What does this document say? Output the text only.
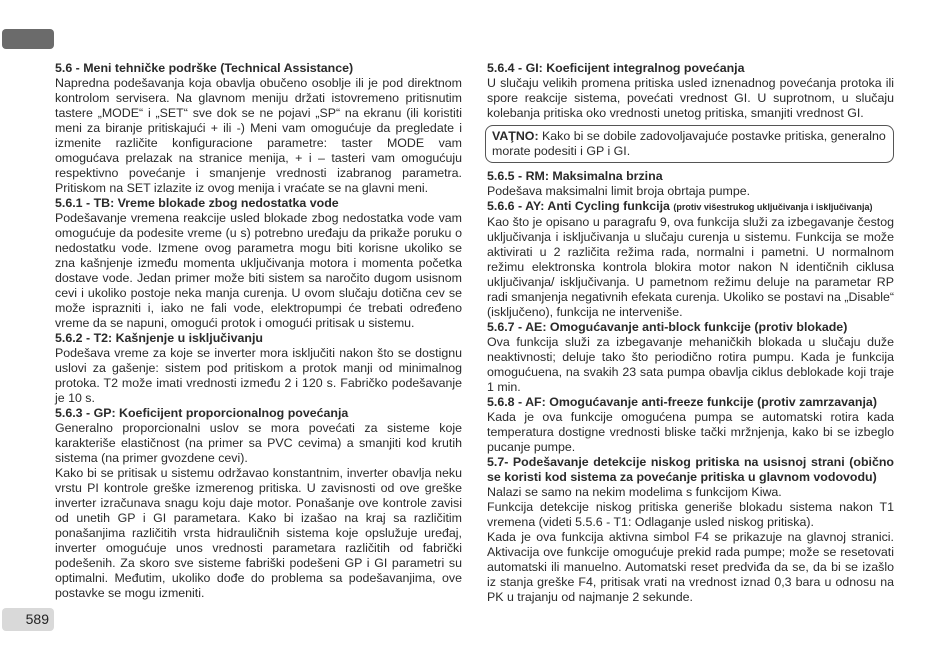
5.6 - Meni tehničke podrške (Technical Assistance)

Napredna podešavanja koja obavlja obučeno osoblje ili je pod direktnom kontrolom servisera. Na glavnom meniju držati istovremeno pritisnutim tastere „MODE“ i „SET“ sve dok se ne pojavi „SP“ na ekranu (ili koristiti meni za biranje pritiskajući + ili -) Meni vam omogućuje da pregledate i izmenite različite konfiguracione parametre: taster MODE vam omogućava prelazak na stranice menija, + i – tasteri vam omogućuju respektivno povećanje i smanjenje vrednosti izabranog parametra. Pritiskom na SET izlazite iz ovog menija i vraćate se na glavni meni.

5.6.1 - TB: Vreme blokade zbog nedostatka vode

Podešavanje vremena reakcije usled blokade zbog nedostatka vode vam omogućuje da podesite vreme (u s) potrebno uređaju da prikaže poruku o nedostatku vode. Izmene ovog parametra mogu biti korisne ukoliko se zna kašnjenje između momenta uključivanja motora i momenta početka dostave vode. Jedan primer može biti sistem sa naročito dugom usisnom cevi i ukoliko postoje neka manja curenja. U ovom slučaju dotična cev se može isprazniti i, iako ne fali vode, elektropumpi će trebati određeno vreme da se napuni, omogući protok i omogući pritisak u sistemu.

5.6.2 - T2: Kašnjenje u isključivanju

Podešava vreme za koje se inverter mora isključiti nakon što se dostignu uslovi za gašenje: sistem pod pritiskom a protok manji od minimalnog protoka. T2 može imati vrednosti između 2 i 120 s. Fabričko podešavanje je 10 s.

5.6.3 - GP: Koeficijent proporcionalnog povećanja

Generalno proporcionalni uslov se mora povećati za sisteme koje karakteriše elastičnost (na primer sa PVC cevima) a smanjiti kod krutih sistema (na primer gvozdene cevi).

Kako bi se pritisak u sistemu održavao konstantnim, inverter obavlja neku vrstu PI kontrole greške izmerenog pritiska. U zavisnosti od ove greške inverter izračunava snagu koju daje motor. Ponašanje ove kontrole zavisi od unetih GP i GI parametara. Kako bi izašao na kraj sa različitim ponašanjima različitih vrsta hidrauličnih sistema koje opslužuje uređaj, inverter omogućuje unos vrednosti parametara različitih od fabrički podešenih. Za skoro sve sisteme fabriški podešeni GP i GI parametri su optimalni. Međutim, ukoliko dođe do problema sa podešavanjima, ove postavke se mogu izmeniti.

5.6.4 - GI: Koeficijent integralnog povećanja

U slučaju velikih promena pritiska usled iznenadnog povećanja protoka ili spore reakcije sistema, povećati vrednost GI. U suprotnom, u slučaju kolebanja pritiska oko vrednosti unetog pritiska, smanjiti vrednost GI.

VAŢNO: Kako bi se dobile zadovoljavajuće postavke pritiska, generalno morate podesiti i GP i GI.
5.6.5 - RM: Maksimalna brzina

Podešava maksimalni limit broja obrtaja pumpe.

5.6.6 - AY: Anti Cycling funkcija (protiv višestrukog uključivanja i isključivanja)

Kao što je opisano u paragrafu 9, ova funkcija služi za izbegavanje čestog uključivanja i isključivanja u slučaju curenja u sistemu. Funkcija se može aktivirati u 2 različita režima rada, normalni i pametni. U normalnom režimu elektronska kontrola blokira motor nakon N identičnih ciklusa uključivanja/ isključivanja. U pametnom režimu deluje na parametar RP radi smanjenja negativnih efekata curenja. Ukoliko se postavi na „Disable“ (isključeno), funkcija ne interveniše.

5.6.7 - AE: Omogućavanje anti-block funkcije (protiv blokade)

Ova funkcija služi za izbegavanje mehaničkih blokada u slučaju duže neaktivnosti; deluje tako što periodično rotira pumpu. Kada je funkcija omogućuena, na svakih 23 sata pumpa obavlja ciklus deblokade koji traje 1 min.

5.6.8 - AF: Omogućavanje anti-freeze funkcije (protiv zamrzavanja)

Kada je ova funkcije omogućena pumpa se automatski rotira kada temperatura dostigne vrednosti bliske tački mržnjenja, kako bi se izbeglo pucanje pumpe.

5.7- Podešavanje detekcije niskog pritiska na usisnoj strani (obično se koristi kod sistema za povećanje pritiska u glavnom vodovodu)

Nalazi se samo na nekim modelima s funkcijom Kiwa.

Funkcija detekcije niskog pritiska generiše blokadu sistema nakon T1 vremena (videti 5.5.6 - T1: Odlaganje usled niskog pritiska).

Kada je ova funkcija aktivna simbol F4 se prikazuje na glavnoj stranici. Aktivacija ove funkcije omogućuje prekid rada pumpe; može se resetovati automatski ili manuelno. Automatski reset predviđa da se, da bi se izašlo iz stanja greške F4, pritisak vrati na vrednost iznad 0,3 bara u odnosu na PK u trajanju od najmanje 2 sekunde.

589
